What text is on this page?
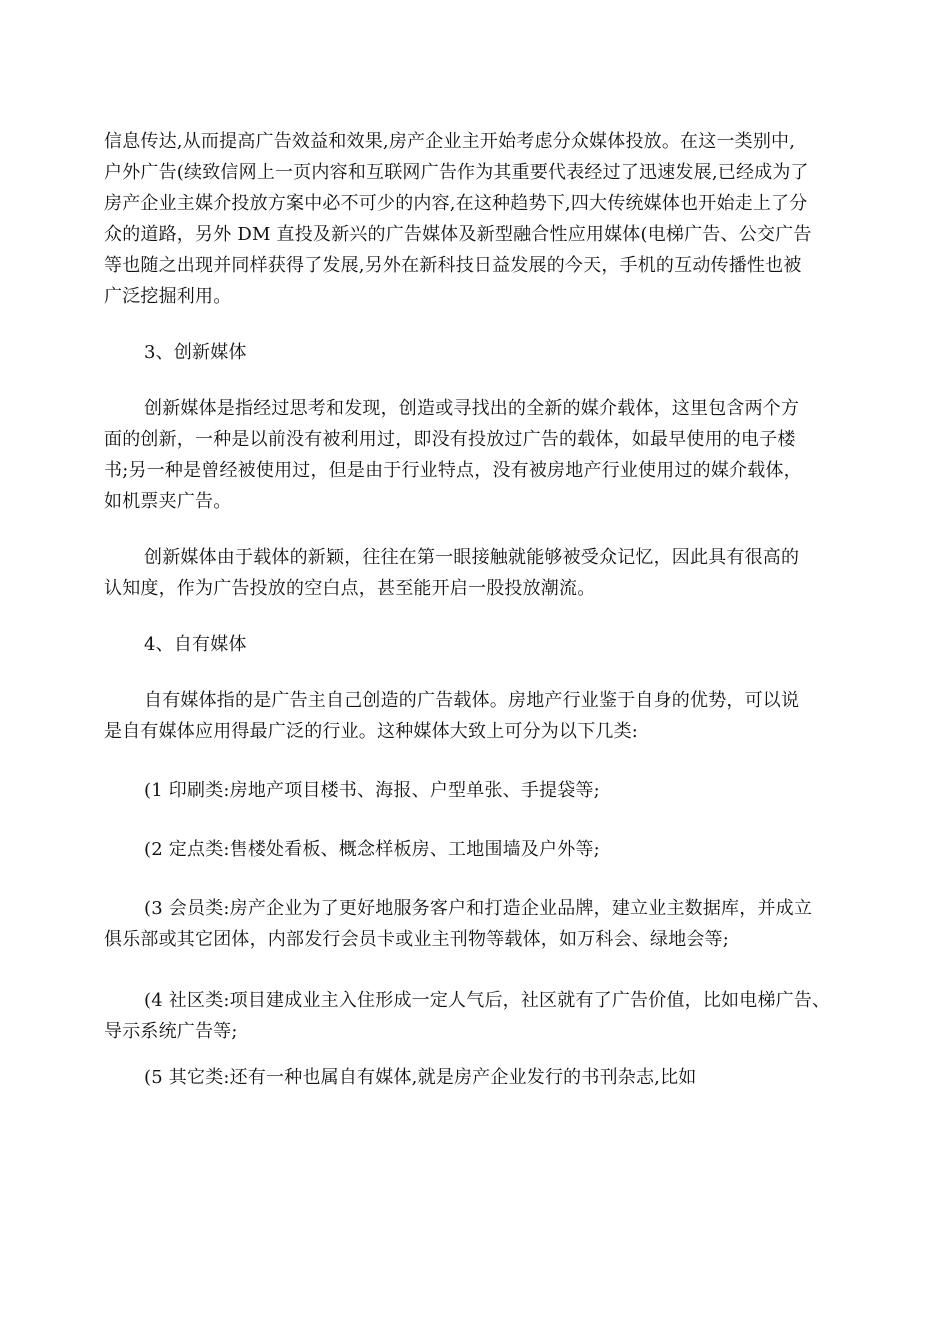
信息传达,从而提高广告效益和效果,房产企业主开始考虑分众媒体投放。在这一类别中,
户外广告(续致信网上一页内容和互联网广告作为其重要代表经过了迅速发展,已经成为了
房产企业主媒介投放方案中必不可少的内容,在这种趋势下,四大传统媒体也开始走上了分
众的道路，另外 DM 直投及新兴的广告媒体及新型融合性应用媒体(电梯广告、公交广告
等也随之出现并同样获得了发展,另外在新科技日益发展的今天，手机的互动传播性也被
广泛挖掘利用。
3、创新媒体
创新媒体是指经过思考和发现，创造或寻找出的全新的媒介载体，这里包含两个方
面的创新，一种是以前没有被利用过，即没有投放过广告的载体，如最早使用的电子楼
书;另一种是曾经被使用过，但是由于行业特点，没有被房地产行业使用过的媒介载体，
如机票夹广告。
创新媒体由于载体的新颖，往往在第一眼接触就能够被受众记忆，因此具有很高的
认知度，作为广告投放的空白点，甚至能开启一股投放潮流。
4、自有媒体
自有媒体指的是广告主自己创造的广告载体。房地产行业鉴于自身的优势，可以说
是自有媒体应用得最广泛的行业。这种媒体大致上可分为以下几类:
(1 印刷类:房地产项目楼书、海报、户型单张、手提袋等;
(2 定点类:售楼处看板、概念样板房、工地围墙及户外等;
(3 会员类:房产企业为了更好地服务客户和打造企业品牌，建立业主数据库，并成立
俱乐部或其它团体，内部发行会员卡或业主刊物等载体，如万科会、绿地会等;
(4 社区类:项目建成业主入住形成一定人气后，社区就有了广告价值，比如电梯广告、
导示系统广告等;
(5 其它类:还有一种也属自有媒体,就是房产企业发行的书刊杂志,比如
